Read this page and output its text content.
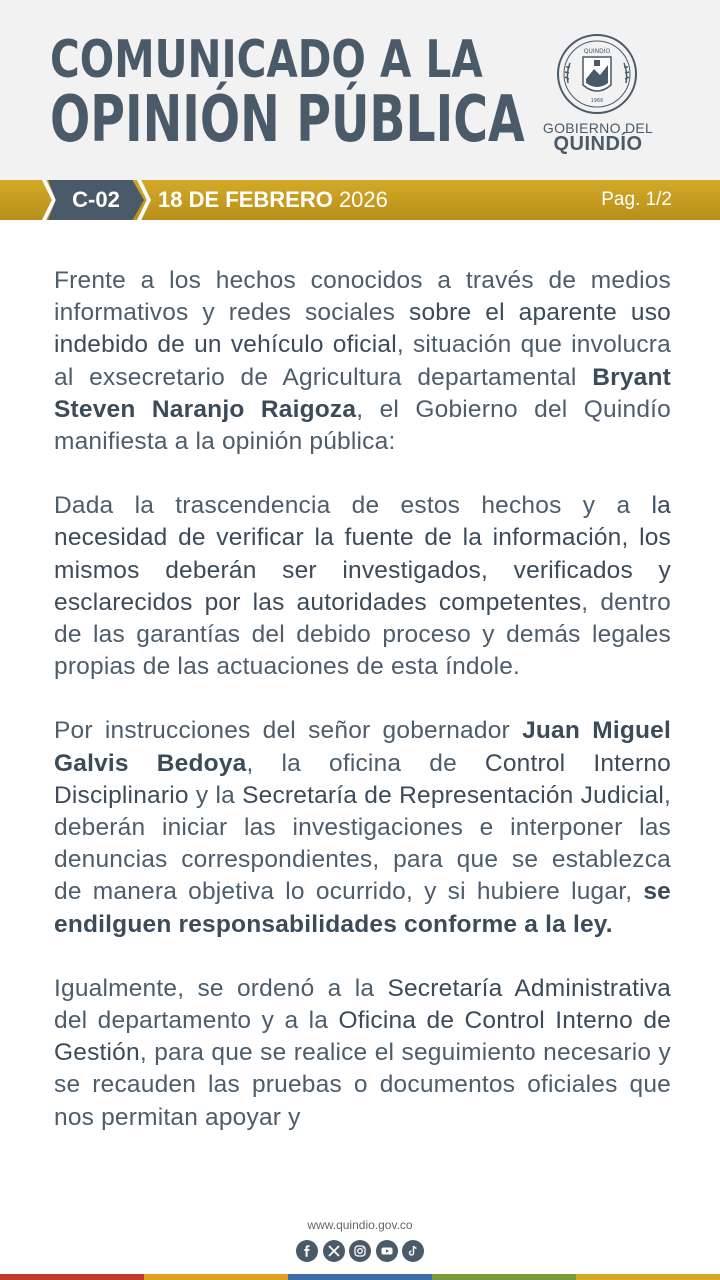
COMUNICADO A LA
OPINIÓN PÚBLICA
QUINDÍO
1966
GOBIERNO DEL
QUINDÍO
C-02	18 DE FEBRERO 2026	Pag. 1/2

Frente a los hechos conocidos a través de medios informativos y redes sociales sobre el aparente uso indebido de un vehículo oficial, situación que involucra al exsecretario de Agricultura departamental Bryant Steven Naranjo Raigoza, el Gobierno del Quindío manifiesta a la opinión pública:

Dada la trascendencia de estos hechos y a la necesidad de verificar la fuente de la información, los mismos deberán ser investigados, verificados y esclarecidos por las autoridades competentes, dentro de las garantías del debido proceso y demás legales propias de las actuaciones de esta índole.

Por instrucciones del señor gobernador Juan Miguel Galvis Bedoya, la oficina de Control Interno Disciplinario y la Secretaría de Representación Judicial, deberán iniciar las investigaciones e interponer las denuncias correspondientes, para que se establezca de manera objetiva lo ocurrido, y si hubiere lugar, se endilguen responsabilidades conforme a la ley.

Igualmente, se ordenó a la Secretaría Administrativa del departamento y a la Oficina de Control Interno de Gestión, para que se realice el seguimiento necesario y se recauden las pruebas o documentos oficiales que nos permitan apoyar y

www.quindio.gov.co
